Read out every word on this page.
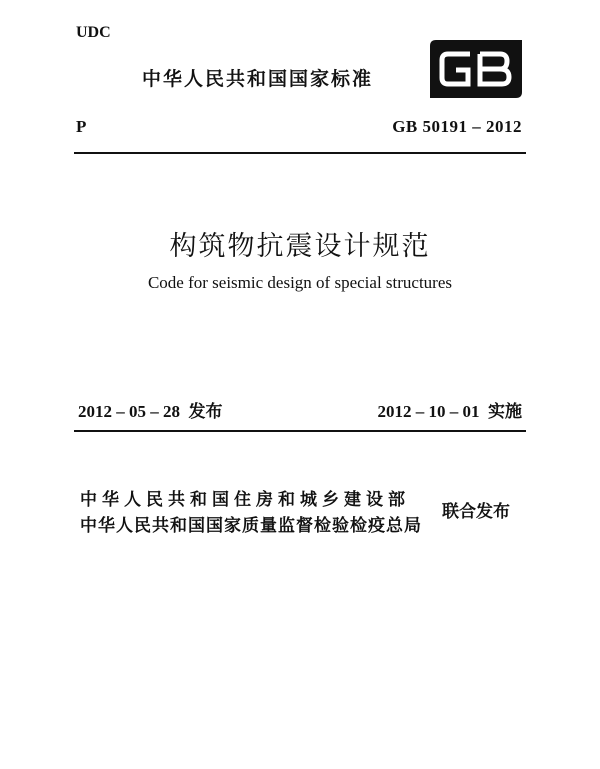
UDC
中华人民共和国国家标准
P	GB 50191 – 2012
构筑物抗震设计规范
Code for seismic design of special structures
2012 – 05 – 28  发布	2012 – 10 – 01  实施
中华人民共和国住房和城乡建设部
中华人民共和国国家质量监督检验检疫总局
联合发布
